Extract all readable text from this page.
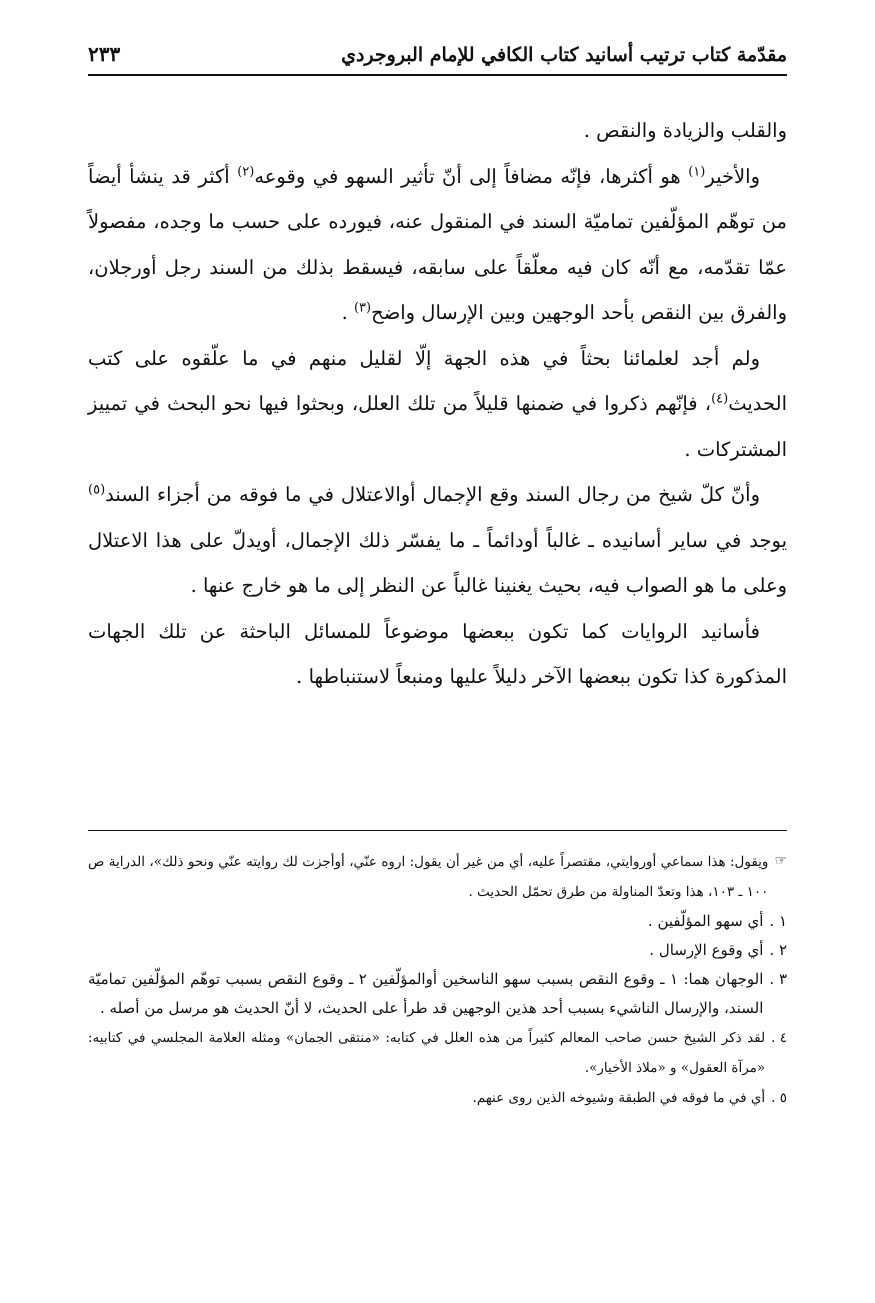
مقدّمة كتاب ترتيب أسانيد كتاب الكافي للإمام البروجردي
٢٣٣

والقلب والزيادة والنقص .

والأخير$^{(١)}$ هو أكثرها، فإنّه مضافاً إلى أنّ تأثير السهو في وقوعه$^{(٢)}$ أكثر قد ينشأ أيضاً من توهّم المؤلّفين تماميّة السند في المنقول عنه، فيورده على حسب ما وجده، مفصولاً عمّا تقدّمه، مع أنّه كان فيه معلّقاً على سابقه، فيسقط بذلك من السند رجل أورجلان، والفرق بين النقص بأحد الوجهين وبين الإرسال واضح$^{(٣)}$ .

ولم أجد لعلمائنا بحثاً في هذه الجهة إلّا لقليل منهم في ما علّقوه على كتب الحديث$^{(٤)}$، فإنّهم ذكروا في ضمنها قليلاً من تلك العلل، وبحثوا فيها نحو البحث في تمييز المشتركات .

وأنّ كلّ شيخ من رجال السند وقع الإجمال أوالاعتلال في ما فوقه من أجزاء السند$^{(٥)}$ يوجد في ساير أسانيده ـ غالباً أودائماً ـ ما يفسّر ذلك الإجمال، أويدلّ على هذا الاعتلال وعلى ما هو الصواب فيه، بحيث يغنينا غالباً عن النظر إلى ما هو خارج عنها .

فأسانيد الروايات كما تكون ببعضها موضوعاً للمسائل الباحثة عن تلك الجهات المذكورة كذا تكون ببعضها الآخر دليلاً عليها ومنبعاً لاستنباطها .

☞
ويقول: هذا سماعي أوروايتي، مقتصراً عليه، أي من غير أن يقول: اروه عنّي، أوأجزت لك روايته عنّي ونحو ذلك»، الدراية ص ١٠٠ ـ ١٠٣، هذا وتعدّ المناولة من طرق تحمّل الحديث .
١ .
أي سهو المؤلّفين .
٢ .
أي وقوع الإرسال .
٣ .
الوجهان هما: ١ ـ وقوع النقص بسبب سهو الناسخين أوالمؤلّفين ٢ ـ وقوع النقص بسبب توهّم المؤلّفين تماميّة السند، والإرسال الناشيء بسبب أحد هذين الوجهين قد طرأ على الحديث، لا أنّ الحديث هو مرسل من أصله .
٤ .
لقد ذكر الشيخ حسن صاحب المعالم كثيراً من هذه العلل في كتابه: «منتقى الجمان» ومثله العلامة المجلسي في كتابيه: «مرآة العقول» و «ملاذ الأخيار».
٥ .
أي في ما فوقه في الطبقة وشيوخه الذين روى عنهم.
